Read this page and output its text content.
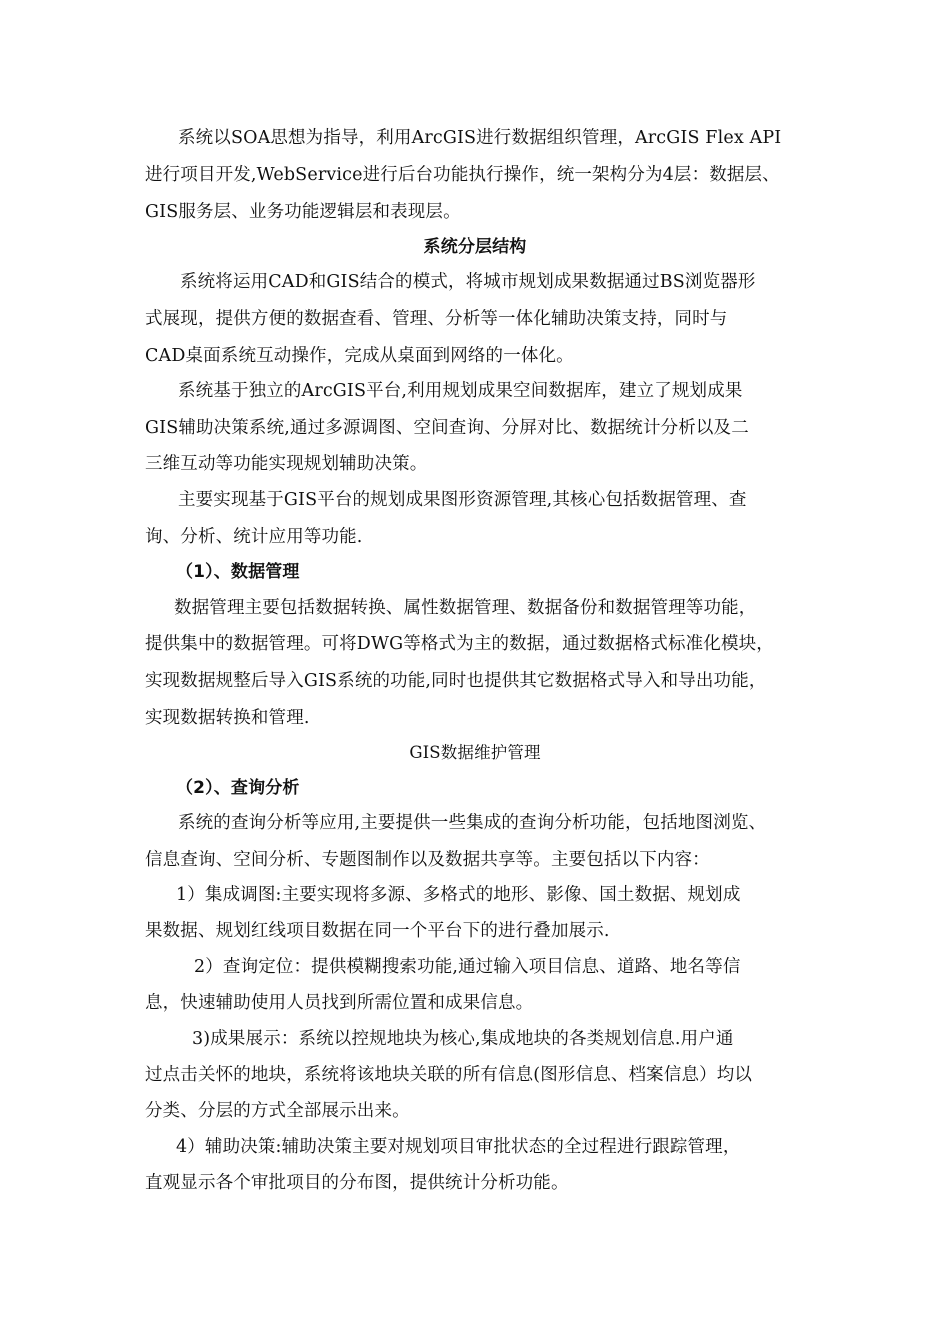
系统以SOA思想为指导，利用ArcGIS进行数据组织管理，ArcGIS Flex API
进行项目开发,WebService进行后台功能执行操作，统一架构分为4层：数据层、
GIS服务层、业务功能逻辑层和表现层。
系统分层结构
系统将运用CAD和GIS结合的模式，将城市规划成果数据通过BS浏览器形
式展现，提供方便的数据查看、管理、分析等一体化辅助决策支持，同时与
CAD桌面系统互动操作，完成从桌面到网络的一体化。
系统基于独立的ArcGIS平台,利用规划成果空间数据库，建立了规划成果
GIS辅助决策系统,通过多源调图、空间查询、分屏对比、数据统计分析以及二
三维互动等功能实现规划辅助决策。
主要实现基于GIS平台的规划成果图形资源管理,其核心包括数据管理、查
询、分析、统计应用等功能.
（1）、数据管理
数据管理主要包括数据转换、属性数据管理、数据备份和数据管理等功能，
提供集中的数据管理。可将DWG等格式为主的数据，通过数据格式标准化模块，
实现数据规整后导入GIS系统的功能,同时也提供其它数据格式导入和导出功能，
实现数据转换和管理.
GIS数据维护管理
（2）、查询分析
系统的查询分析等应用,主要提供一些集成的查询分析功能，包括地图浏览、
信息查询、空间分析、专题图制作以及数据共享等。主要包括以下内容：
1）集成调图:主要实现将多源、多格式的地形、影像、国土数据、规划成
果数据、规划红线项目数据在同一个平台下的进行叠加展示.
2）查询定位：提供模糊搜索功能,通过输入项目信息、道路、地名等信
息，快速辅助使用人员找到所需位置和成果信息。
3)成果展示：系统以控规地块为核心,集成地块的各类规划信息.用户通
过点击关怀的地块，系统将该地块关联的所有信息(图形信息、档案信息）均以
分类、分层的方式全部展示出来。
4）辅助决策:辅助决策主要对规划项目审批状态的全过程进行跟踪管理，
直观显示各个审批项目的分布图，提供统计分析功能。
